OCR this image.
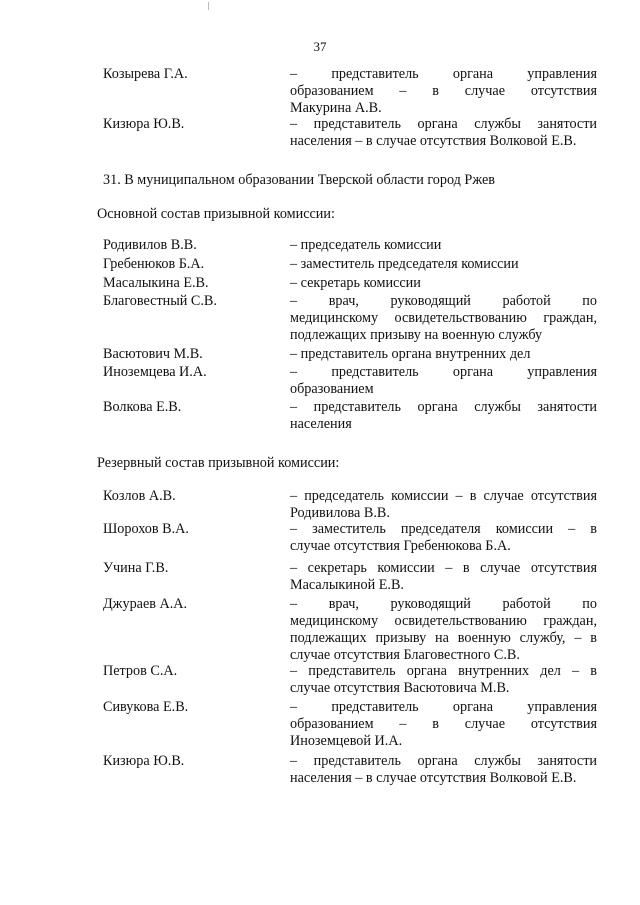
37
Козырева Г.А.	– представитель органа управления
образованием – в случае отсутствия
Макурина А.В.
Кизюра Ю.В.	– представитель органа службы занятости
населения – в случае отсутствия Волковой Е.В.
31. В муниципальном образовании Тверской области город Ржев
Основной состав призывной комиссии:
Родивилов В.В.	– председатель комиссии
Гребенюков Б.А.	– заместитель председателя комиссии
Масалыкина Е.В.	– секретарь комиссии
Благовестный С.В.	– врач, руководящий работой по
медицинскому освидетельствованию граждан,
подлежащих призыву на военную службу
Васютович М.В.	– представитель органа внутренних дел
Иноземцева И.А.	– представитель органа управления
образованием
Волкова Е.В.	– представитель органа службы занятости
населения
Резервный состав призывной комиссии:
Козлов А.В.	– председатель комиссии – в случае отсутствия
Родивилова В.В.
Шорохов В.А.	– заместитель председателя комиссии – в
случае отсутствия Гребенюкова Б.А.
Учина Г.В.	– секретарь комиссии – в случае отсутствия
Масалыкиной Е.В.
Джураев А.А.	– врач, руководящий работой по
медицинскому освидетельствованию граждан,
подлежащих призыву на военную службу, – в
случае отсутствия Благовестного С.В.
Петров С.А.	– представитель органа внутренних дел – в
случае отсутствия Васютовича М.В.
Сивукова Е.В.	– представитель органа управления
образованием – в случае отсутствия
Иноземцевой И.А.
Кизюра Ю.В.	– представитель органа службы занятости
населения – в случае отсутствия Волковой Е.В.
